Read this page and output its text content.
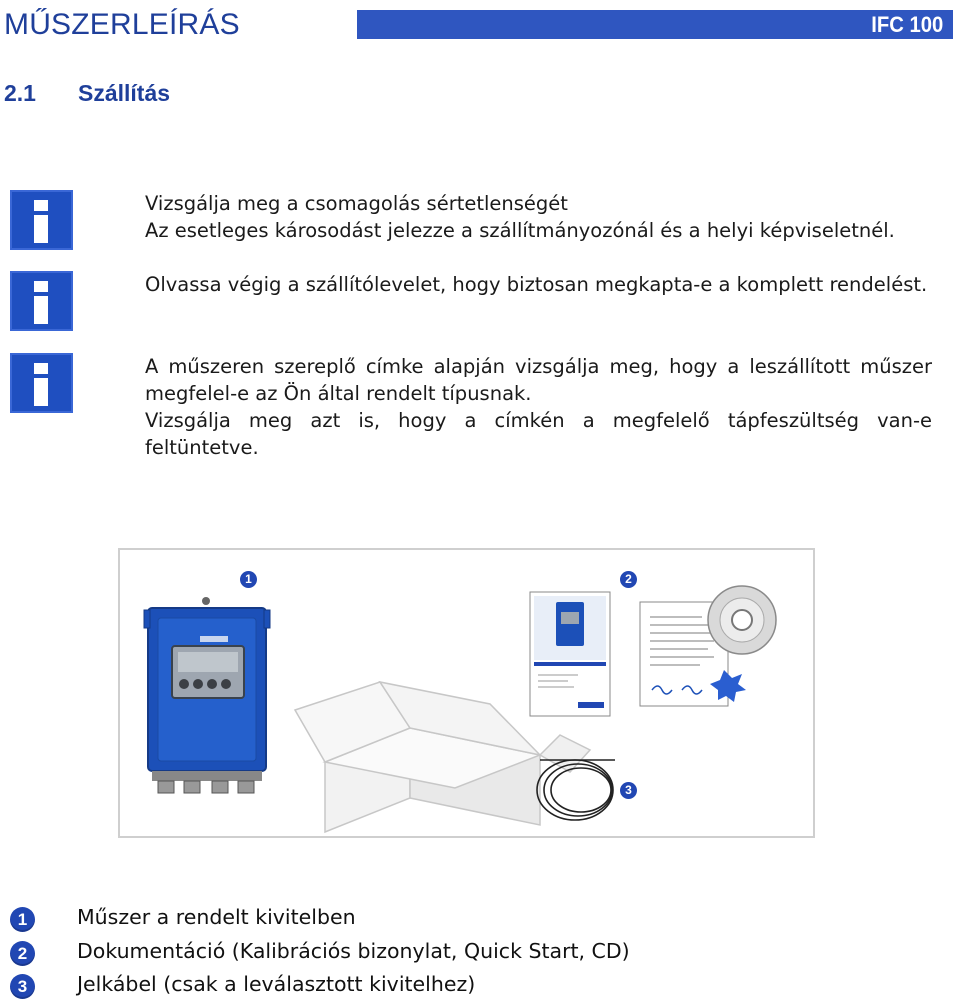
MŰSZERLEÍRÁS	IFC 100
2.1 Szállítás
Vizsgálja meg a csomagolás sértetlenségét
Az esetleges károsodást jelezze a szállítmányozónál és a helyi képviseletnél.
Olvassa végig a szállítólevelet, hogy biztosan megkapta-e a komplett rendelést.
A műszeren szereplő címke alapján vizsgálja meg, hogy a leszállított műszer megfelel-e az Ön által rendelt típusnak.
Vizsgálja meg azt is, hogy a címkén a megfelelő tápfeszültség van-e feltüntetve.
1	2
3
1	Műszer a rendelt kivitelben
2	Dokumentáció (Kalibrációs bizonylat, Quick Start, CD)
3	Jelkábel (csak a leválasztott kivitelhez)
